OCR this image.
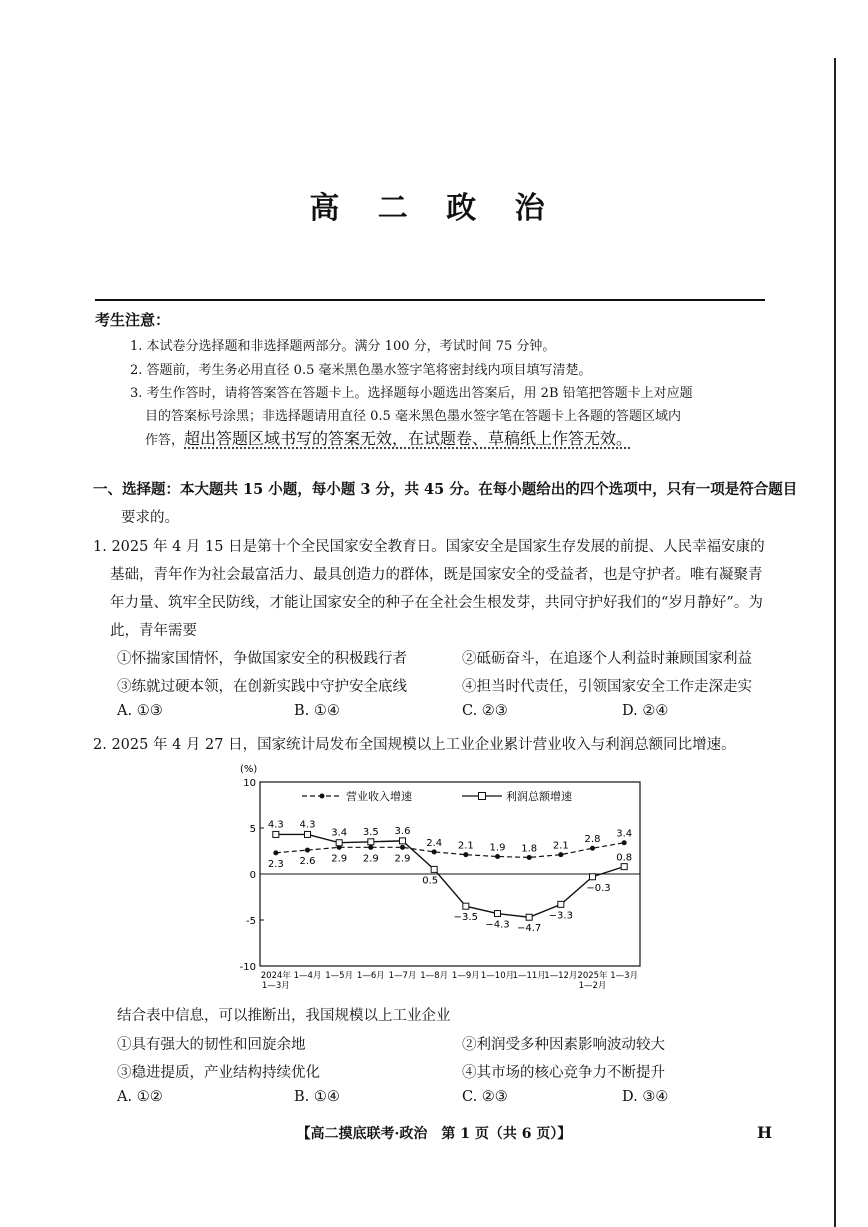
高 二 政 治
考生注意：
1. 本试卷分选择题和非选择题两部分。满分 100 分，考试时间 75 分钟。
2. 答题前，考生务必用直径 0.5 毫米黑色墨水签字笔将密封线内项目填写清楚。
3. 考生作答时，请将答案答在答题卡上。选择题每小题选出答案后，用 2B 铅笔把答题卡上对应题
目的答案标号涂黑；非选择题请用直径 0.5 毫米黑色墨水签字笔在答题卡上各题的答题区域内
作答，超出答题区域书写的答案无效，在试题卷、草稿纸上作答无效。
一、选择题：本大题共 15 小题，每小题 3 分，共 45 分。在每小题给出的四个选项中，只有一项是符合题目
要求的。
1. 2025 年 4 月 15 日是第十个全民国家安全教育日。国家安全是国家生存发展的前提、人民幸福安康的
基础，青年作为社会最富活力、最具创造力的群体，既是国家安全的受益者，也是守护者。唯有凝聚青
年力量、筑牢全民防线，才能让国家安全的种子在全社会生根发芽，共同守护好我们的“岁月静好”。为
此，青年需要
①怀揣家国情怀，争做国家安全的积极践行者	②砥砺奋斗，在追逐个人利益时兼顾国家利益
③练就过硬本领，在创新实践中守护安全底线	④担当时代责任，引领国家安全工作走深走实
A. ①③	B. ①④	C. ②③	D. ②④
2. 2025 年 4 月 27 日，国家统计局发布全国规模以上工业企业累计营业收入与利润总额同比增速。
(%)
10
5
0
-5
-10
营业收入增速	利润总额增速
2.3 2.6 2.9 2.9 2.9
2.4 2.1 1.9 1.8 2.1
2.8
3.4
4.3 4.3
3.4 3.5 3.6
0.5
−3.5
−4.3 −4.7
−3.3
−0.3
0.8
2024年 1—3月
1—4月 1—5月 1—6月 1—7月 1—8月 1—9月 1—10月
1—11月
1—12月 2025年 1—2月
1—3月
结合表中信息，可以推断出，我国规模以上工业企业
①具有强大的韧性和回旋余地	②利润受多种因素影响波动较大
③稳进提质，产业结构持续优化	④其市场的核心竞争力不断提升
A. ①②	B. ①④	C. ②③	D. ③④
【高二摸底联考·政治　第 1 页（共 6 页）】	H
